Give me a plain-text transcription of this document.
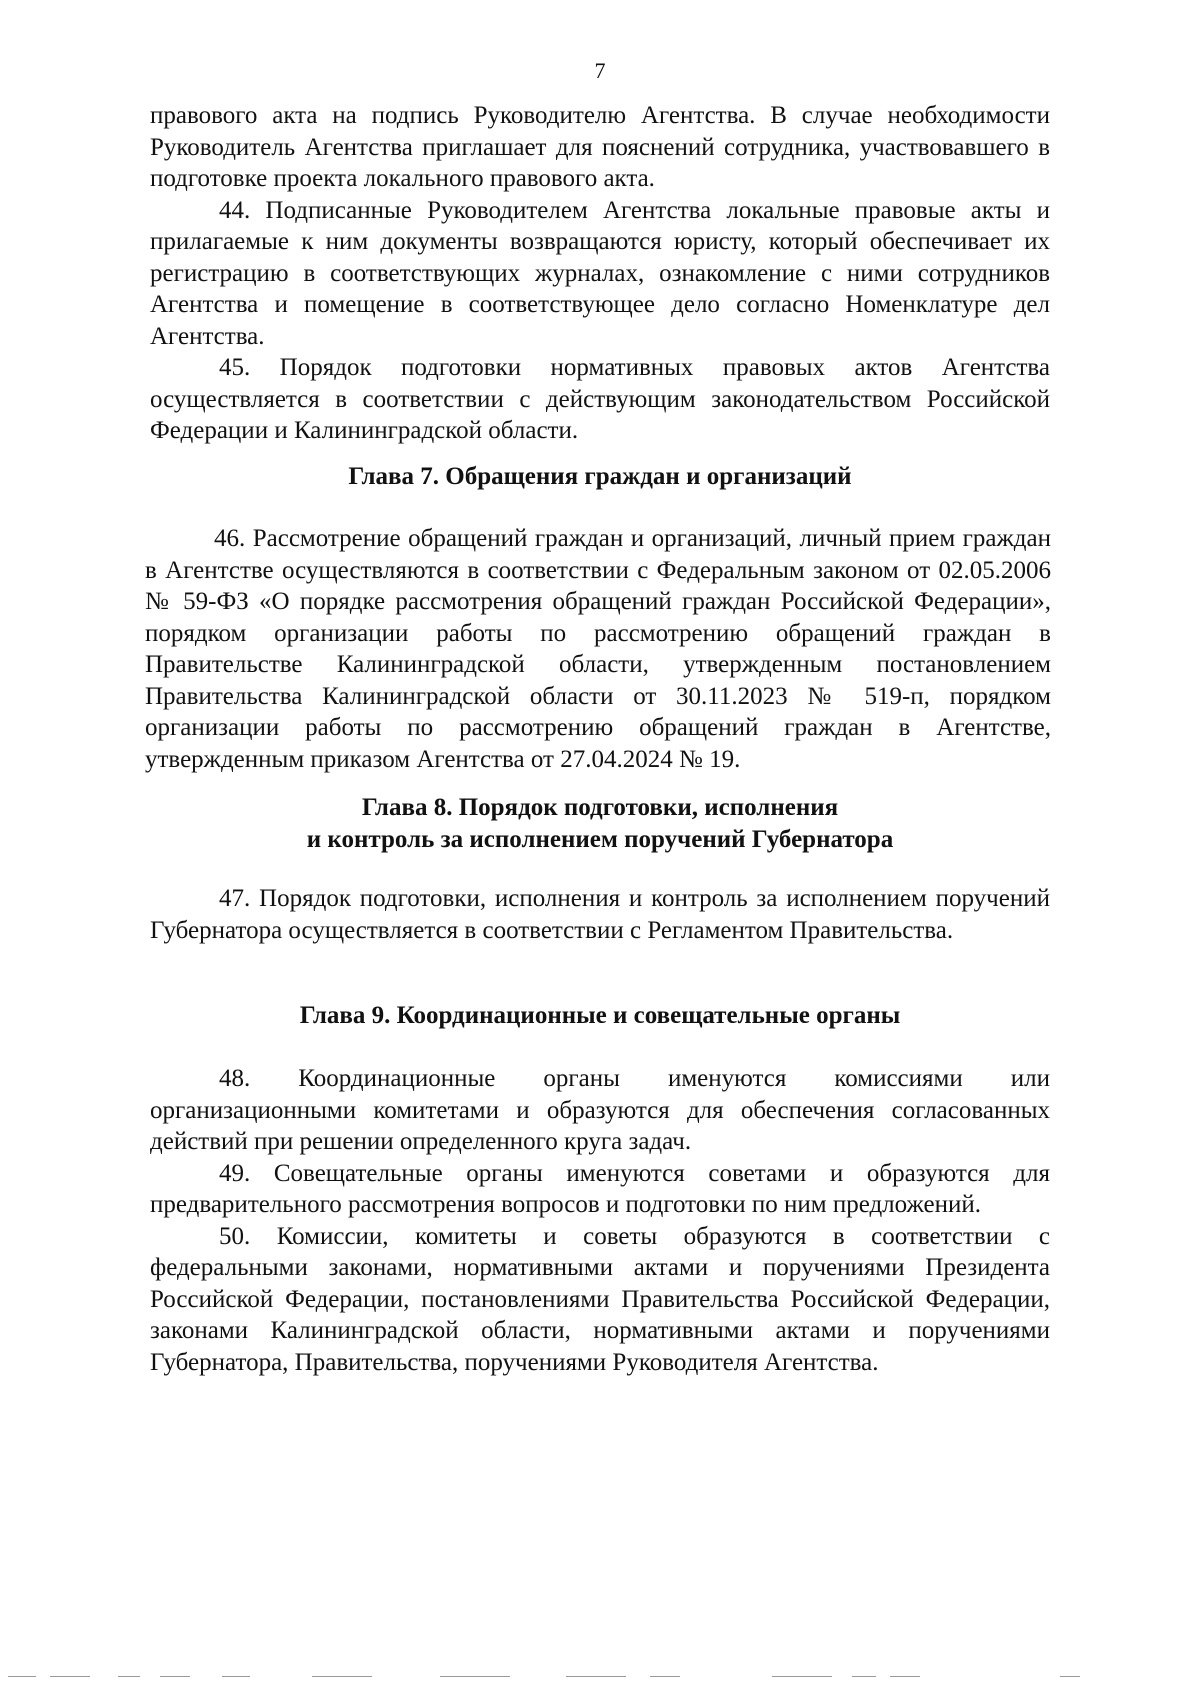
7

правового акта на подпись Руководителю Агентства. В случае необходимости Руководитель Агентства приглашает для пояснений сотрудника, участвовавшего в подготовке проекта локального правового акта.

44. Подписанные Руководителем Агентства локальные правовые акты и прилагаемые к ним документы возвращаются юристу, который обеспечивает их регистрацию в соответствующих журналах, ознакомление с ними сотрудников Агентства и помещение в соответствующее дело согласно Номенклатуре дел Агентства.

45. Порядок подготовки нормативных правовых актов Агентства осуществляется в соответствии с действующим законодательством Российской Федерации и Калининградской области.

Глава 7. Обращения граждан и организаций

46. Рассмотрение обращений граждан и организаций, личный прием граждан в Агентстве осуществляются в соответствии с Федеральным законом от 02.05.2006 № 59-ФЗ «О порядке рассмотрения обращений граждан Российской Федерации», порядком организации работы по рассмотрению обращений граждан в Правительстве Калининградской области, утвержденным постановлением Правительства Калининградской области от 30.11.2023 № 519-п, порядком организации работы по рассмотрению обращений граждан в Агентстве, утвержденным приказом Агентства от 27.04.2024 № 19.

Глава 8. Порядок подготовки, исполнения
и контроль за исполнением поручений Губернатора

47. Порядок подготовки, исполнения и контроль за исполнением поручений Губернатора осуществляется в соответствии с Регламентом Правительства.

Глава 9. Координационные и совещательные органы

48. Координационные органы именуются комиссиями или организационными комитетами и образуются для обеспечения согласованных действий при решении определенного круга задач.

49. Совещательные органы именуются советами и образуются для предварительного рассмотрения вопросов и подготовки по ним предложений.

50. Комиссии, комитеты и советы образуются в соответствии с федеральными законами, нормативными актами и поручениями Президента Российской Федерации, постановлениями Правительства Российской Федерации, законами Калининградской области, нормативными актами и поручениями Губернатора, Правительства, поручениями Руководителя Агентства.
